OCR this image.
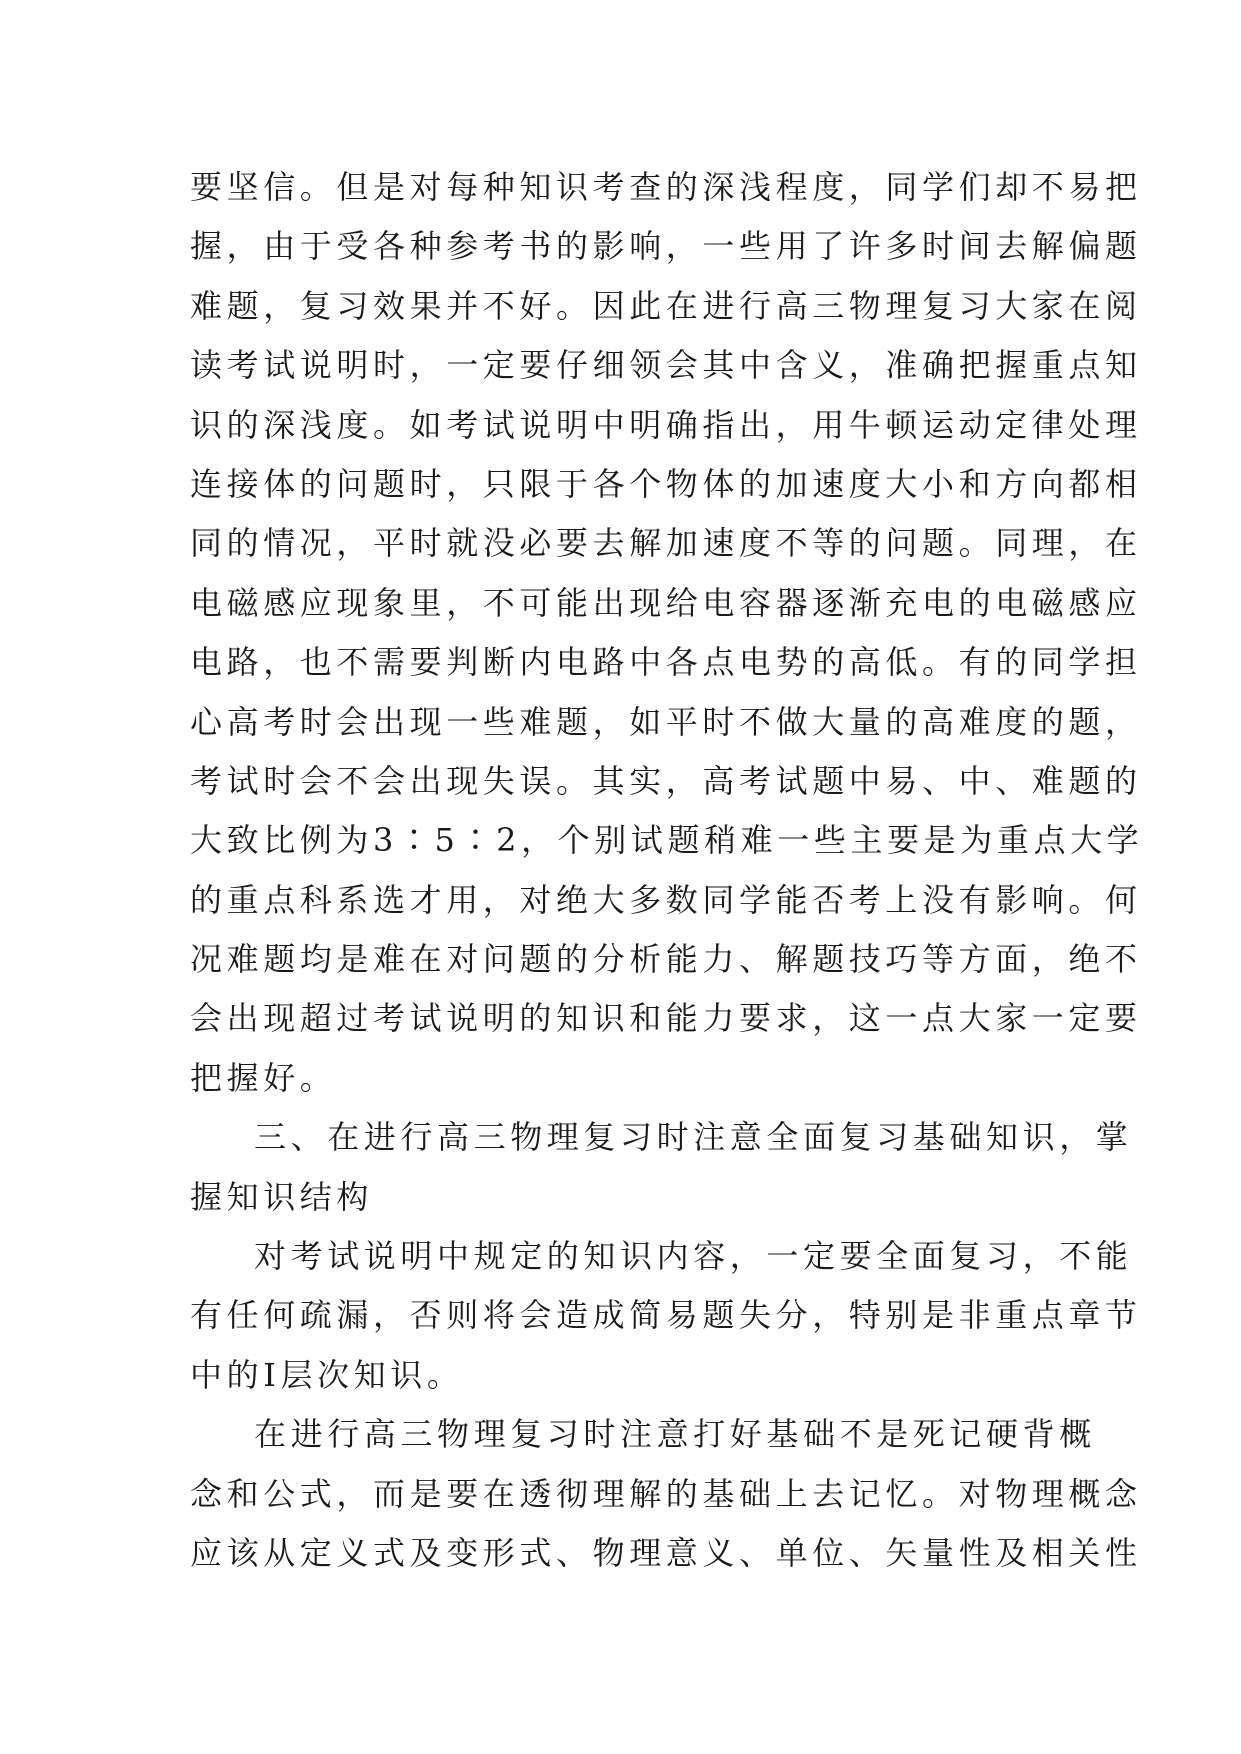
要坚信。但是对每种知识考查的深浅程度，同学们却不易把
握，由于受各种参考书的影响，一些用了许多时间去解偏题
难题，复习效果并不好。因此在进行高三物理复习大家在阅
读考试说明时，一定要仔细领会其中含义，准确把握重点知
识的深浅度。如考试说明中明确指出，用牛顿运动定律处理
连接体的问题时，只限于各个物体的加速度大小和方向都相
同的情况，平时就没必要去解加速度不等的问题。同理，在
电磁感应现象里，不可能出现给电容器逐渐充电的电磁感应
电路，也不需要判断内电路中各点电势的高低。有的同学担
心高考时会出现一些难题，如平时不做大量的高难度的题，
考试时会不会出现失误。其实，高考试题中易、中、难题的
大致比例为3∶5∶2，个别试题稍难一些主要是为重点大学
的重点科系选才用，对绝大多数同学能否考上没有影响。何
况难题均是难在对问题的分析能力、解题技巧等方面，绝不
会出现超过考试说明的知识和能力要求，这一点大家一定要
把握好。
三、在进行高三物理复习时注意全面复习基础知识，掌
握知识结构
对考试说明中规定的知识内容，一定要全面复习，不能
有任何疏漏，否则将会造成简易题失分，特别是非重点章节
中的Ⅰ层次知识。
在进行高三物理复习时注意打好基础不是死记硬背概
念和公式，而是要在透彻理解的基础上去记忆。对物理概念
应该从定义式及变形式、物理意义、单位、矢量性及相关性
